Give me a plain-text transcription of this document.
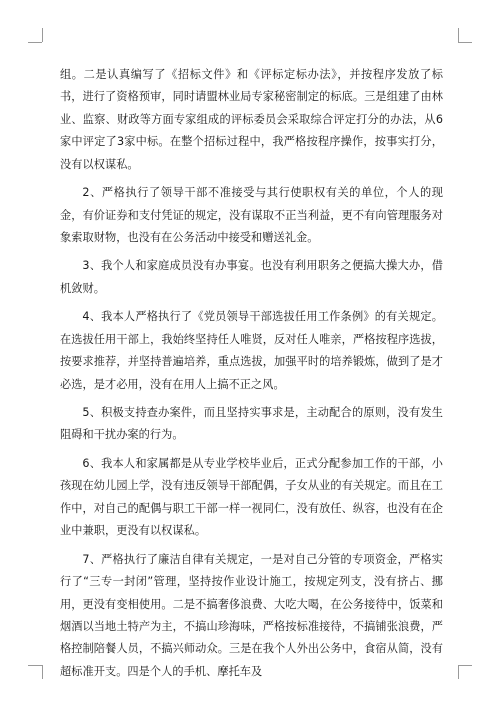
组。二是认真编写了《招标文件》和《评标定标办法》，并按程序发放了标书，进行了资格预审，同时请盟林业局专家秘密制定的标底。三是组建了由林业、监察、财政等方面专家组成的评标委员会采取综合评定打分的办法，从6家中评定了3家中标。在整个招标过程中，我严格按程序操作，按事实打分，没有以权谋私。

2、严格执行了领导干部不准接受与其行使职权有关的单位，个人的现金，有价证券和支付凭证的规定，没有谋取不正当利益，更不有向管理服务对象索取财物，也没有在公务活动中接受和赠送礼金。

3、我个人和家庭成员没有办事宴。也没有利用职务之便搞大操大办，借机敛财。

4、我本人严格执行了《党员领导干部选拔任用工作条例》的有关规定。在选拔任用干部上，我始终坚持任人唯贤，反对任人唯亲，严格按程序选拔，按要求推荐，并坚持普遍培养，重点选拔，加强平时的培养锻炼，做到了是才必选，是才必用，没有在用人上搞不正之风。

5、积极支持查办案件，而且坚持实事求是，主动配合的原则，没有发生阻碍和干扰办案的行为。

6、我本人和家属都是从专业学校毕业后，正式分配参加工作的干部，小孩现在幼儿园上学，没有违反领导干部配偶，子女从业的有关规定。而且在工作中，对自己的配偶与职工干部一样一视同仁，没有放任、纵容，也没有在企业中兼职，更没有以权谋私。

7、严格执行了廉洁自律有关规定，一是对自己分管的专项资金，严格实行了“三专一封闭”管理，坚持按作业设计施工，按规定列支，没有挤占、挪用，更没有变相使用。二是不搞奢侈浪费、大吃大喝，在公务接待中，饭菜和烟酒以当地土特产为主，不搞山珍海味，严格按标准接待，不搞铺张浪费，严格控制陪餐人员，不搞兴师动众。三是在我个人外出公务中，食宿从简，没有超标准开支。四是个人的手机、摩托车及
